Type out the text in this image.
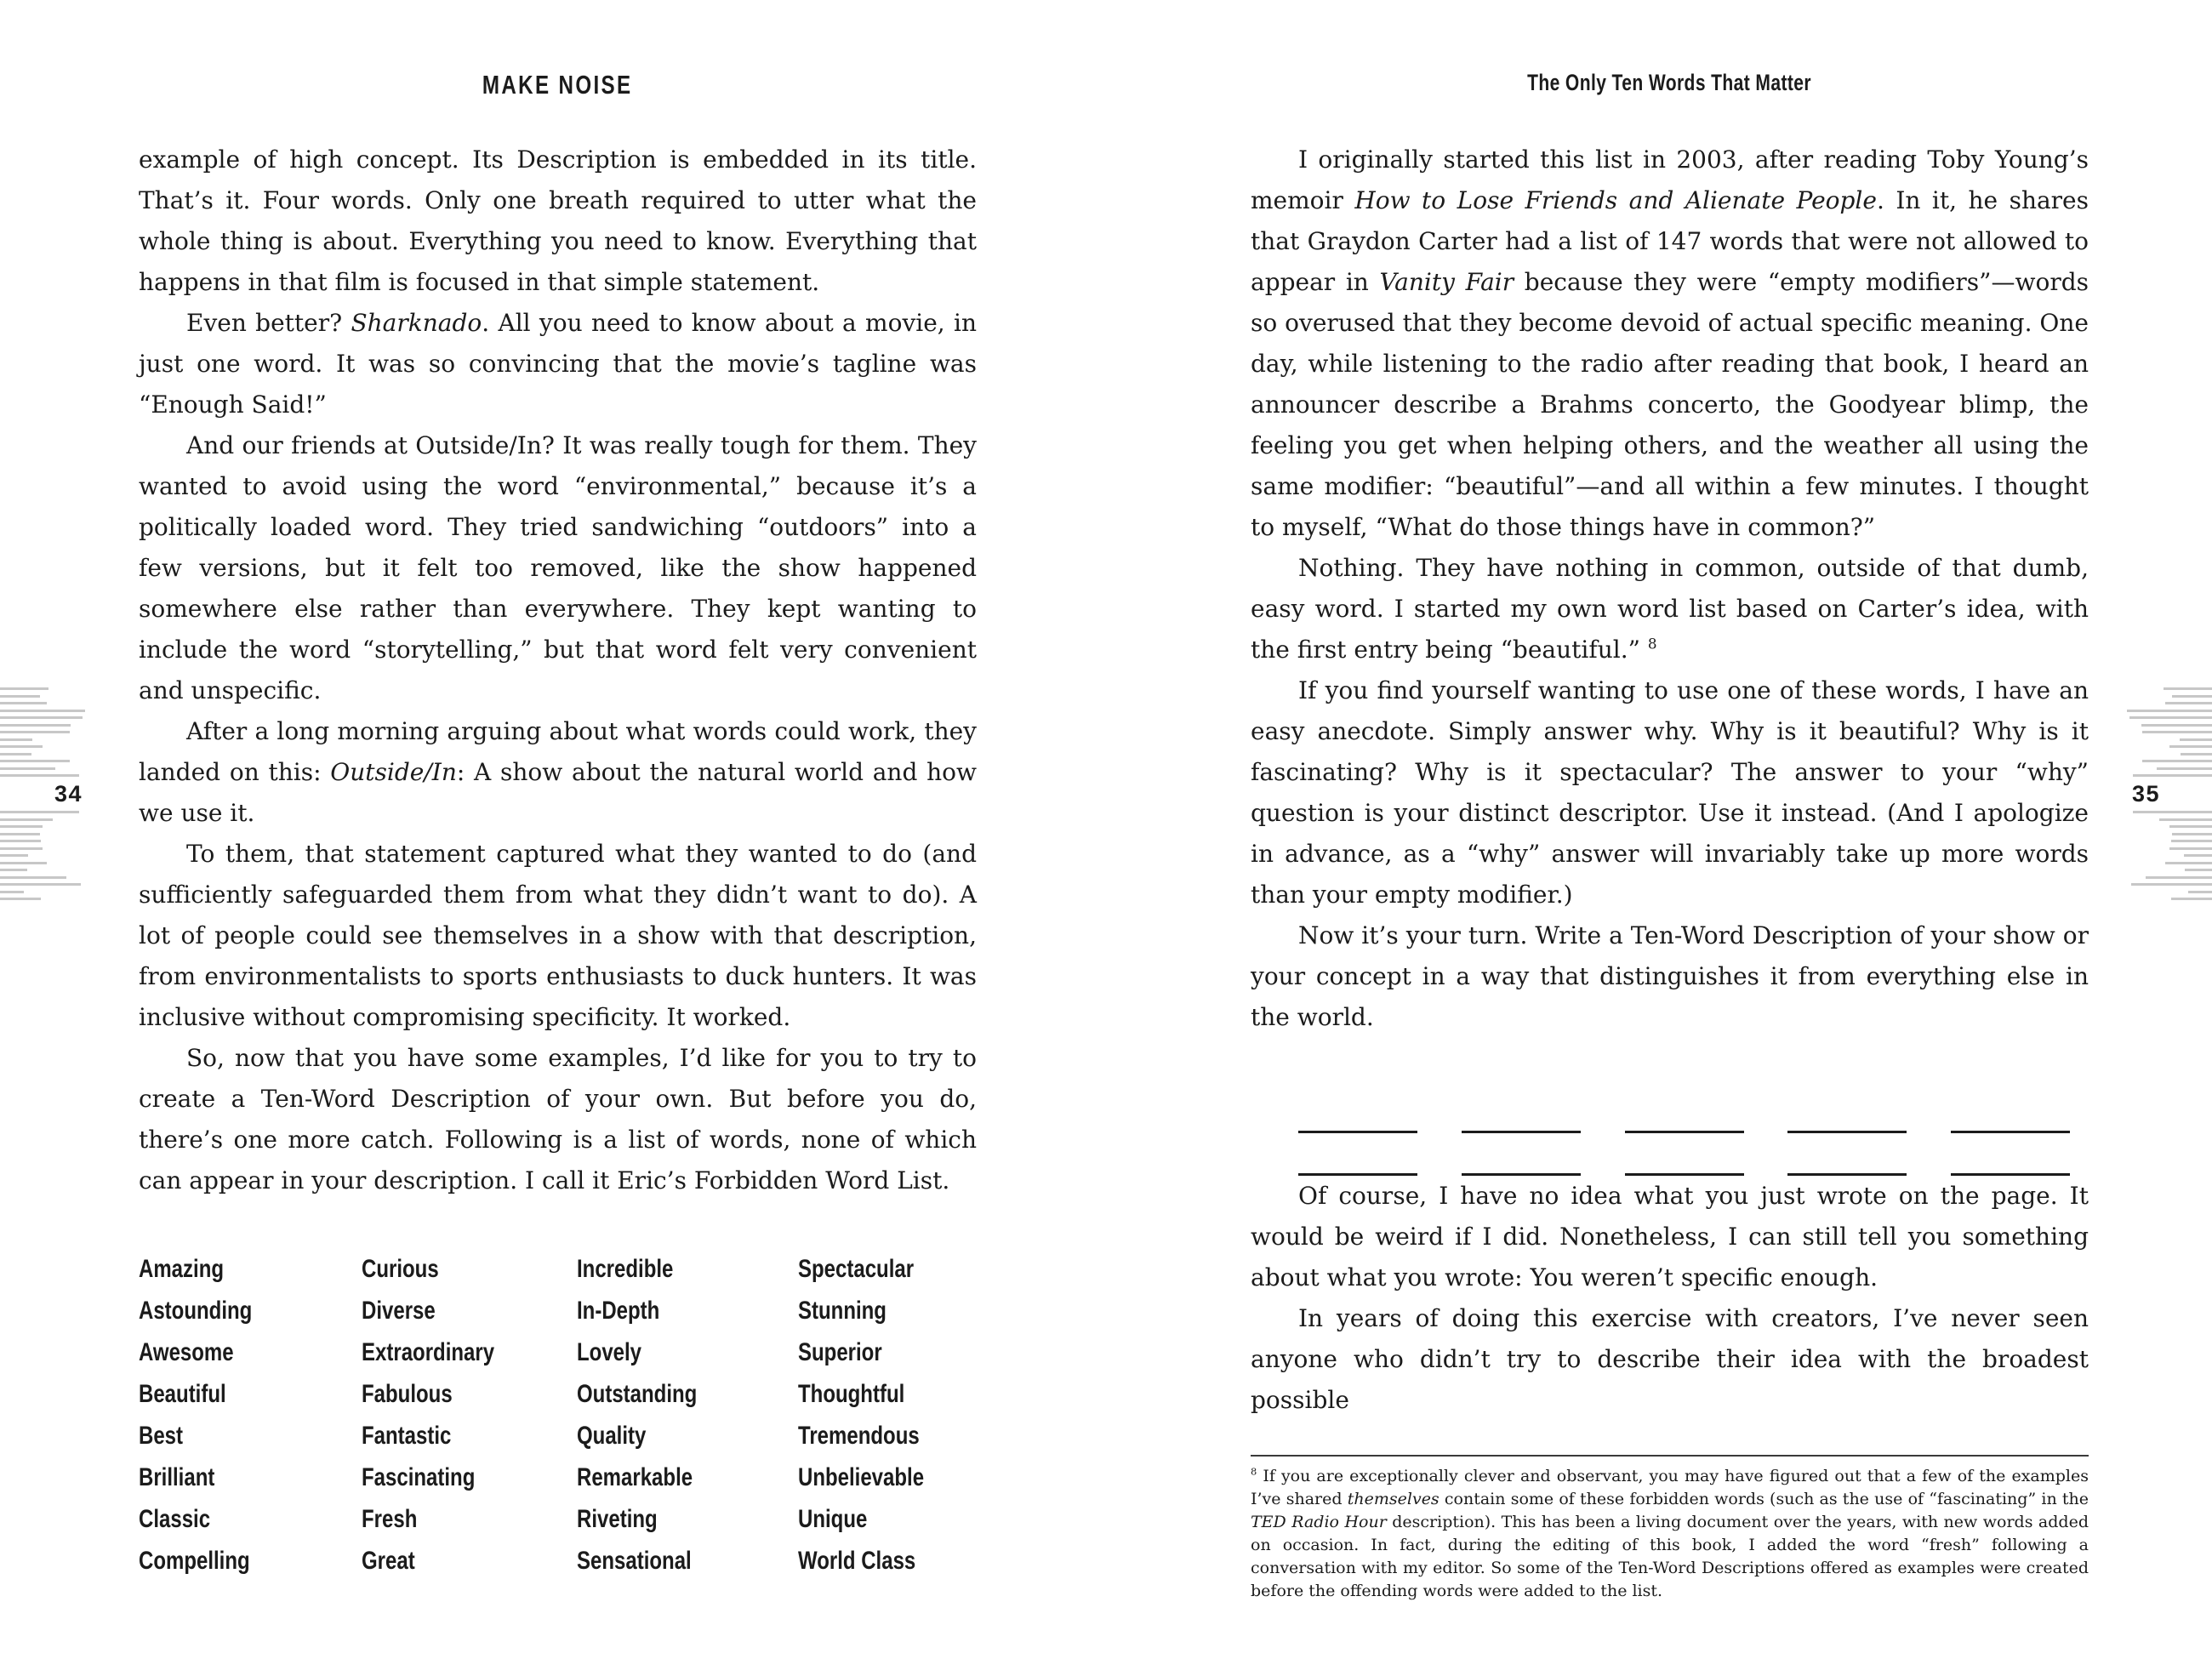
34	35
MAKE NOISE

example of high concept. Its Description is embedded in its title. That’s it. Four words. Only one breath required to utter what the whole thing is about. Everything you need to know. Everything that happens in that film is focused in that simple statement.

Even better? Sharknado. All you need to know about a movie, in just one word. It was so convincing that the movie’s tagline was “Enough Said!”

And our friends at Outside/In? It was really tough for them. They wanted to avoid using the word “environmental,” because it’s a politically loaded word. They tried sandwiching “outdoors” into a few versions, but it felt too removed, like the show happened somewhere else rather than everywhere. They kept wanting to include the word “storytelling,” but that word felt very convenient and unspecific.

After a long morning arguing about what words could work, they landed on this: Outside/In: A show about the natural world and how we use it.

To them, that statement captured what they wanted to do (and sufficiently safeguarded them from what they didn’t want to do). A lot of people could see themselves in a show with that description, from environmentalists to sports enthusiasts to duck hunters. It was inclusive without compromising specificity. It worked.

So, now that you have some examples, I’d like for you to try to create a Ten-Word Description of your own. But before you do, there’s one more catch. Following is a list of words, none of which can appear in your description. I call it Eric’s Forbidden Word List.

Amazing
Astounding
Awesome
Beautiful
Best
Brilliant
Classic
Compelling
Curious
Diverse
Extraordinary
Fabulous
Fantastic
Fascinating
Fresh
Great
Incredible
In-Depth
Lovely
Outstanding
Quality
Remarkable
Riveting
Sensational
Spectacular
Stunning
Superior
Thoughtful
Tremendous
Unbelievable
Unique
World Class
The Only Ten Words That Matter

I originally started this list in 2003, after reading Toby Young’s memoir How to Lose Friends and Alienate People. In it, he shares that Graydon Carter had a list of 147 words that were not allowed to appear in Vanity Fair because they were “empty modifiers”—words so overused that they become devoid of actual specific meaning. One day, while listening to the radio after reading that book, I heard an announcer describe a Brahms concerto, the Goodyear blimp, the feeling you get when helping others, and the weather all using the same modifier: “beautiful”—and all within a few minutes. I thought to myself, “What do those things have in common?”

Nothing. They have nothing in common, outside of that dumb, easy word. I started my own word list based on Carter’s idea, with the first entry being “beautiful.” $^8$

If you find yourself wanting to use one of these words, I have an easy anecdote. Simply answer why. Why is it beautiful? Why is it fascinating? Why is it spectacular? The answer to your “why” question is your distinct descriptor. Use it instead. (And I apologize in advance, as a “why” answer will invariably take up more words than your empty modifier.)

Now it’s your turn. Write a Ten-Word Description of your show or your concept in a way that distinguishes it from everything else in the world.

Of course, I have no idea what you just wrote on the page. It would be weird if I did. Nonetheless, I can still tell you something about what you wrote: You weren’t specific enough.

In years of doing this exercise with creators, I’ve never seen anyone who didn’t try to describe their idea with the broadest possible

$^8$ If you are exceptionally clever and observant, you may have figured out that a few of the examples I’ve shared themselves contain some of these forbidden words (such as the use of “fascinating” in the TED Radio Hour description). This has been a living document over the years, with new words added on occasion. In fact, during the editing of this book, I added the word “fresh” following a conversation with my editor. So some of the Ten-Word Descriptions offered as examples were created before the offending words were added to the list.
